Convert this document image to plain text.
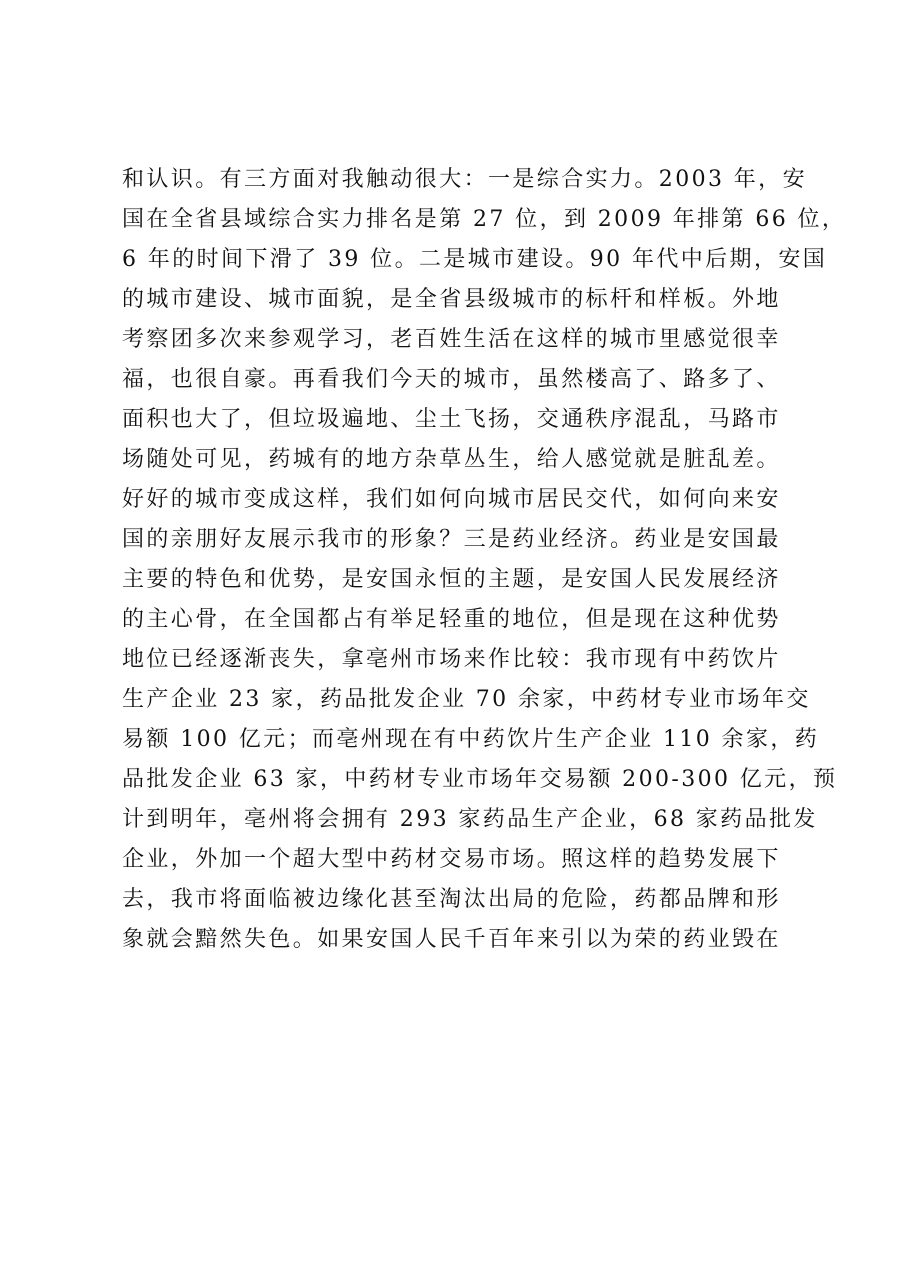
和认识。有三方面对我触动很大：一是综合实力。2003 年，安
国在全省县域综合实力排名是第 27 位，到 2009 年排第 66 位，
6 年的时间下滑了 39 位。二是城市建设。90 年代中后期，安国
的城市建设、城市面貌，是全省县级城市的标杆和样板。外地
考察团多次来参观学习，老百姓生活在这样的城市里感觉很幸
福，也很自豪。再看我们今天的城市，虽然楼高了、路多了、
面积也大了，但垃圾遍地、尘土飞扬，交通秩序混乱，马路市
场随处可见，药城有的地方杂草丛生，给人感觉就是脏乱差。
好好的城市变成这样，我们如何向城市居民交代，如何向来安
国的亲朋好友展示我市的形象？三是药业经济。药业是安国最
主要的特色和优势，是安国永恒的主题，是安国人民发展经济
的主心骨，在全国都占有举足轻重的地位，但是现在这种优势
地位已经逐渐丧失，拿亳州市场来作比较：我市现有中药饮片
生产企业 23 家，药品批发企业 70 余家，中药材专业市场年交
易额 100 亿元；而亳州现在有中药饮片生产企业 110 余家，药
品批发企业 63 家，中药材专业市场年交易额 200-300 亿元，预
计到明年，亳州将会拥有 293 家药品生产企业，68 家药品批发
企业，外加一个超大型中药材交易市场。照这样的趋势发展下
去，我市将面临被边缘化甚至淘汰出局的危险，药都品牌和形
象就会黯然失色。如果安国人民千百年来引以为荣的药业毁在
